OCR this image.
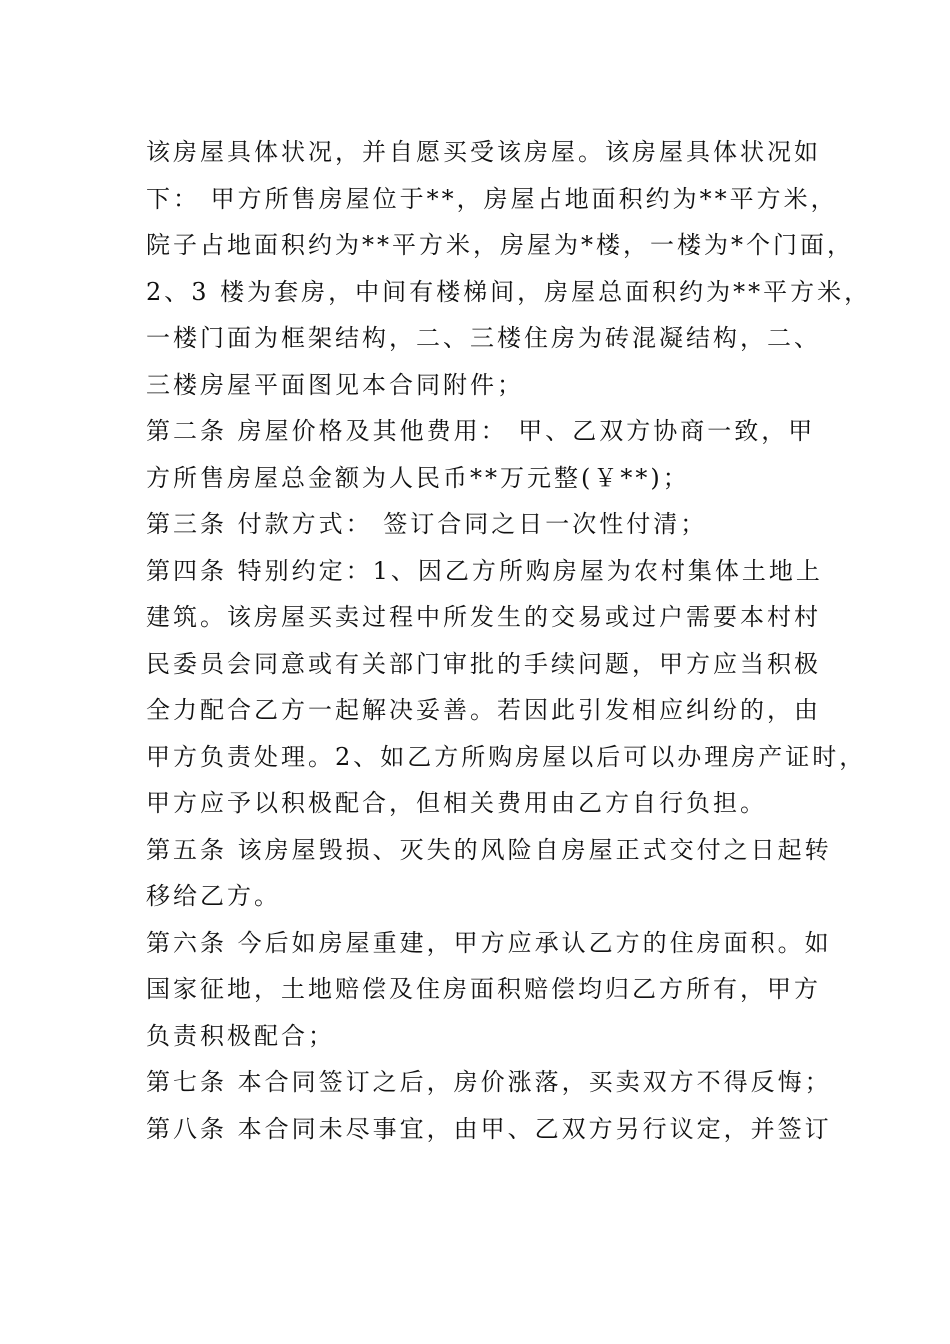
该房屋具体状况，并自愿买受该房屋。该房屋具体状况如
下： 甲方所售房屋位于**，房屋占地面积约为**平方米，
院子占地面积约为**平方米，房屋为*楼，一楼为*个门面，
2、3 楼为套房，中间有楼梯间，房屋总面积约为**平方米，
一楼门面为框架结构，二、三楼住房为砖混凝结构，二、
三楼房屋平面图见本合同附件；
第二条 房屋价格及其他费用： 甲、乙双方协商一致，甲
方所售房屋总金额为人民币**万元整(￥**)；
第三条 付款方式： 签订合同之日一次性付清；
第四条 特别约定：1、因乙方所购房屋为农村集体土地上
建筑。该房屋买卖过程中所发生的交易或过户需要本村村
民委员会同意或有关部门审批的手续问题，甲方应当积极
全力配合乙方一起解决妥善。若因此引发相应纠纷的，由
甲方负责处理。2、如乙方所购房屋以后可以办理房产证时，
甲方应予以积极配合，但相关费用由乙方自行负担。
第五条 该房屋毁损、灭失的风险自房屋正式交付之日起转
移给乙方。
第六条 今后如房屋重建，甲方应承认乙方的住房面积。如
国家征地，土地赔偿及住房面积赔偿均归乙方所有，甲方
负责积极配合；
第七条 本合同签订之后，房价涨落，买卖双方不得反悔；
第八条 本合同未尽事宜，由甲、乙双方另行议定，并签订
